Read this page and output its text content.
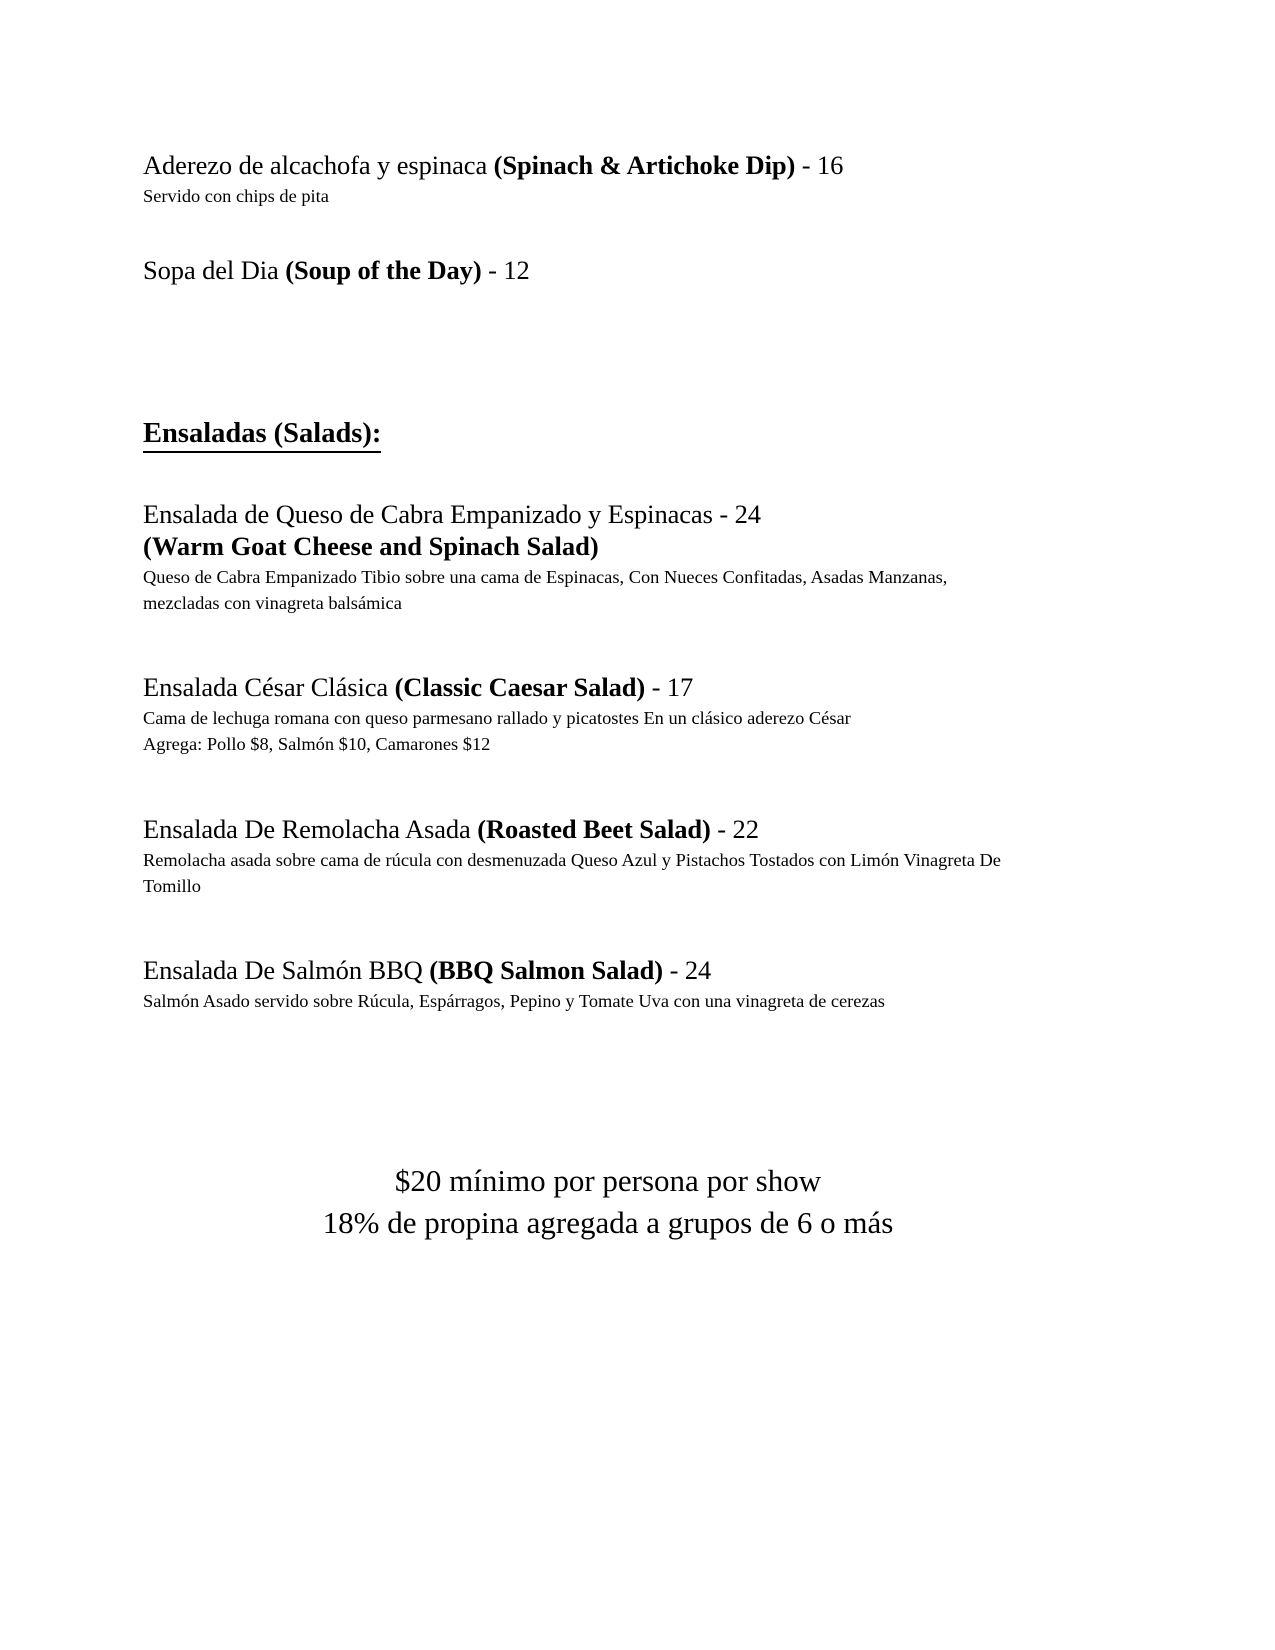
Aderezo de alcachofa y espinaca (Spinach & Artichoke Dip) - 16

Servido con chips de pita

Sopa del Dia (Soup of the Day) - 12

Ensaladas (Salads):

Ensalada de Queso de Cabra Empanizado y Espinacas - 24

(Warm Goat Cheese and Spinach Salad)

Queso de Cabra Empanizado Tibio sobre una cama de Espinacas, Con Nueces Confitadas, Asadas Manzanas,

mezcladas con vinagreta balsámica

Ensalada César Clásica (Classic Caesar Salad) - 17

Cama de lechuga romana con queso parmesano rallado y picatostes En un clásico aderezo César

Agrega: Pollo $8, Salmón $10, Camarones $12

Ensalada De Remolacha Asada (Roasted Beet Salad) - 22

Remolacha asada sobre cama de rúcula con desmenuzada Queso Azul y Pistachos Tostados con Limón Vinagreta De

Tomillo

Ensalada De Salmón BBQ (BBQ Salmon Salad) - 24

Salmón Asado servido sobre Rúcula, Espárragos, Pepino y Tomate Uva con una vinagreta de cerezas

$20 mínimo por persona por show

18% de propina agregada a grupos de 6 o más
